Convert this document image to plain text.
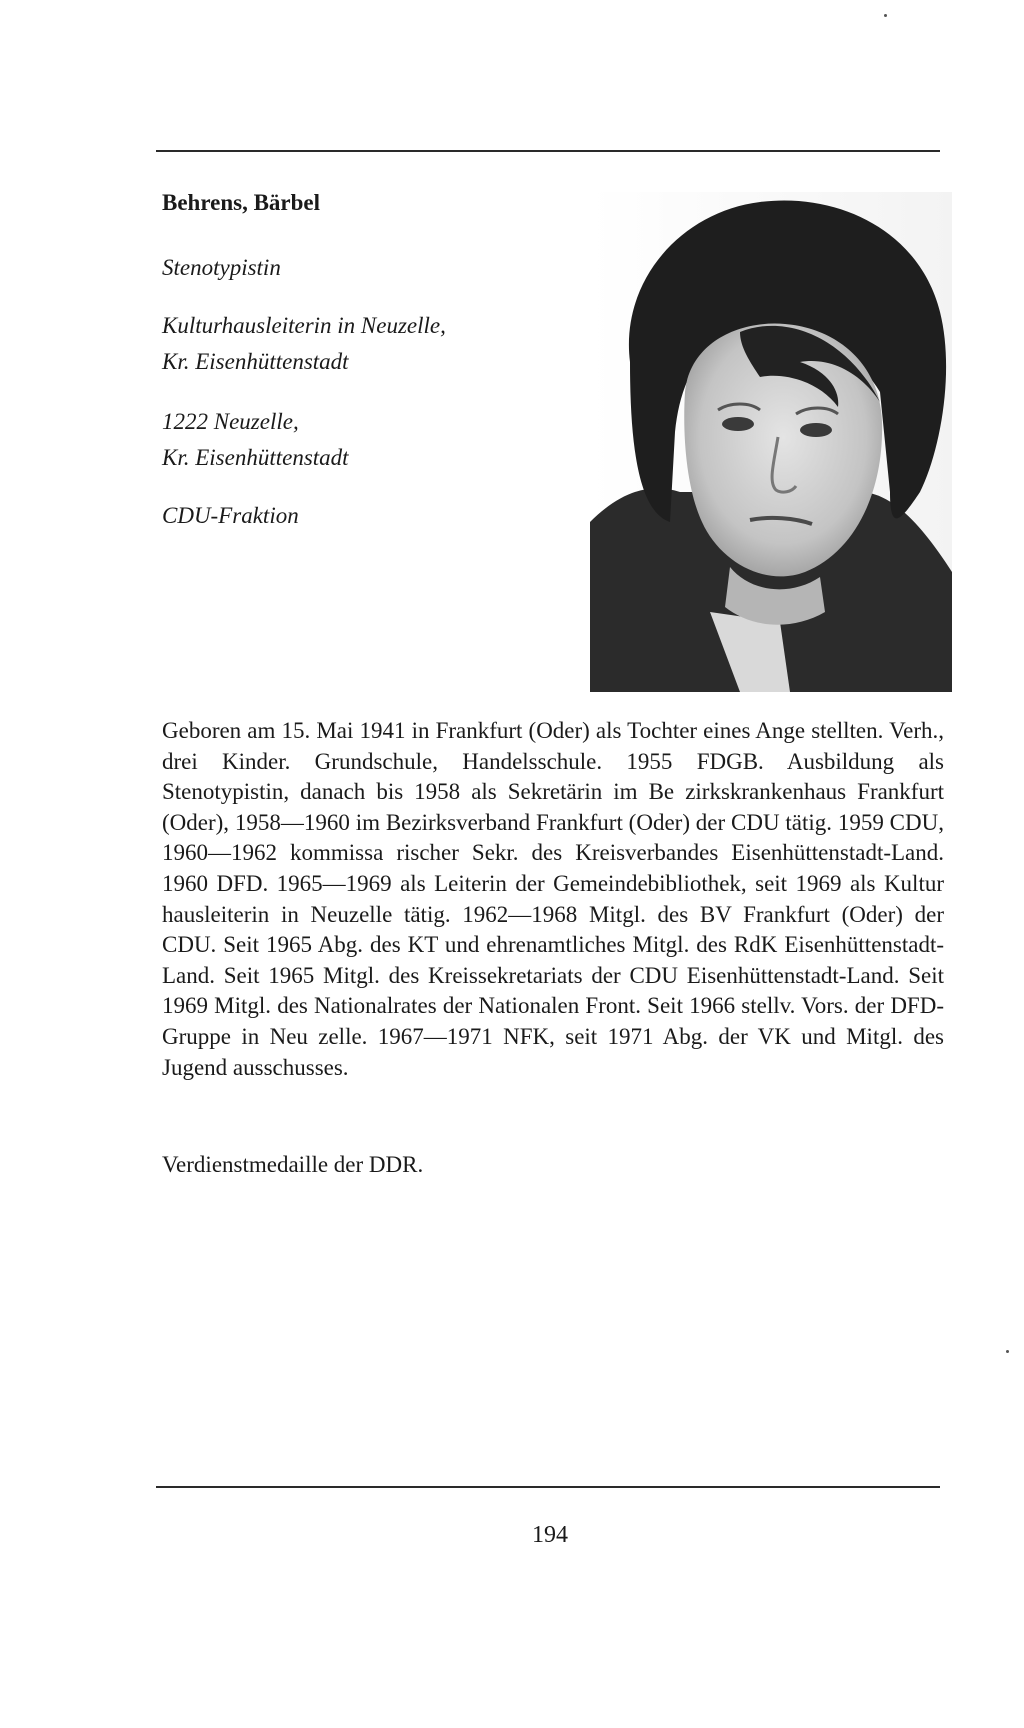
Behrens, Bärbel

Stenotypistin

Kulturhausleiterin in Neuzelle,
Kr. Eisenhüttenstadt

1222 Neuzelle,
Kr. Eisenhüttenstadt

CDU-Fraktion

Geboren am 15. Mai 1941 in Frankfurt (Oder) als Tochter eines Ange stellten. Verh., drei Kinder. Grundschule, Handelsschule. 1955 FDGB. Ausbildung als Stenotypistin, danach bis 1958 als Sekretärin im Be zirkskrankenhaus Frankfurt (Oder), 1958—1960 im Bezirksverband Frankfurt (Oder) der CDU tätig. 1959 CDU, 1960—1962 kommissa rischer Sekr. des Kreisverbandes Eisenhüttenstadt-Land. 1960 DFD. 1965—1969 als Leiterin der Gemeindebibliothek, seit 1969 als Kultur hausleiterin in Neuzelle tätig. 1962—1968 Mitgl. des BV Frankfurt (Oder) der CDU. Seit 1965 Abg. des KT und ehrenamtliches Mitgl. des RdK Eisenhüttenstadt-Land. Seit 1965 Mitgl. des Kreissekretariats der CDU Eisenhüttenstadt-Land. Seit 1969 Mitgl. des Nationalrates der Nationalen Front. Seit 1966 stellv. Vors. der DFD-Gruppe in Neu zelle. 1967—1971 NFK, seit 1971 Abg. der VK und Mitgl. des Jugend ausschusses.

Verdienstmedaille der DDR.

194
